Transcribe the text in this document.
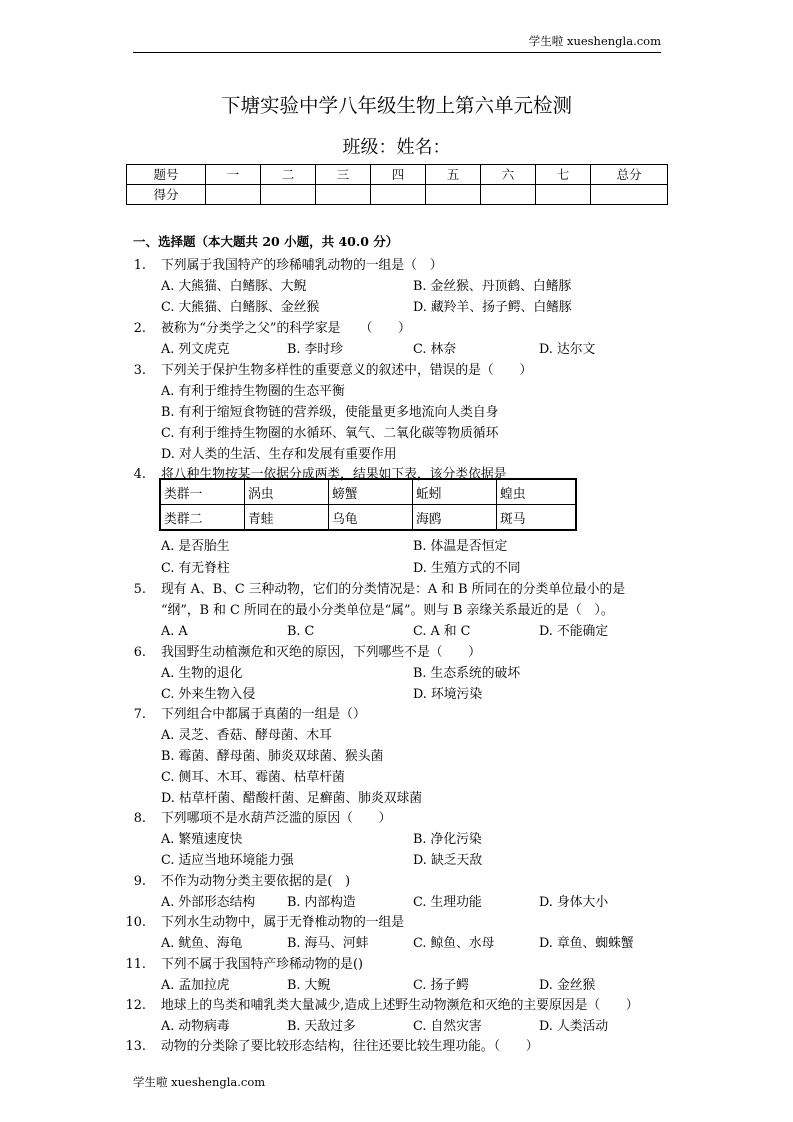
学生啦 xueshengla.com
下塘实验中学八年级生物上第六单元检测
班级：姓名：
题号	一	二	三	四	五	六	七	总分
得分								
一、选择题（本大题共 20 小题，共 40.0 分）
1. 下列属于我国特产的珍稀哺乳动物的一组是（　）
A. 大熊猫、白鳍豚、大鲵	B. 金丝猴、丹顶鹤、白鳍豚
C. 大熊猫、白鳍豚、金丝猴	D. 藏羚羊、扬子鳄、白鳍豚
2. 被称为“分类学之父”的科学家是　　（　　）
A. 列文虎克	B. 李时珍	C. 林奈	D. 达尔文
3. 下列关于保护生物多样性的重要意义的叙述中，错误的是（　　）
A. 有利于维持生物圈的生态平衡
B. 有利于缩短食物链的营养级，使能量更多地流向人类自身
C. 有利于维持生物圈的水循环、氧气、二氧化碳等物质循环
D. 对人类的生活、生存和发展有重要作用
4. 将八种生物按某一依据分成两类，结果如下表，该分类依据是
A. 是否胎生	B. 体温是否恒定
C. 有无脊柱	D. 生殖方式的不同
5. 现有 A、B、C 三种动物，它们的分类情况是：A 和 B 所同在的分类单位最小的是
“纲”，B 和 C 所同在的最小分类单位是“属”。则与 B 亲缘关系最近的是（　）。
A. A	B. C	C. A 和 C	D. 不能确定
6. 我国野生动植濒危和灭绝的原因，下列哪些不是（　　）
A. 生物的退化	B. 生态系统的破坏
C. 外来生物入侵	D. 环境污染
7. 下列组合中都属于真菌的一组是（）
A. 灵芝、香菇、酵母菌、木耳
B. 霉菌、酵母菌、肺炎双球菌、猴头菌
C. 侧耳、木耳、霉菌、枯草杆菌
D. 枯草杆菌、醋酸杆菌、足癣菌、肺炎双球菌
8. 下列哪项不是水葫芦泛滥的原因（　　）
A. 繁殖速度快	B. 净化污染
C. 适应当地环境能力强	D. 缺乏天敌
9. 不作为动物分类主要依据的是(　)
A. 外部形态结构 B. 内部构造	C. 生理功能	D. 身体大小
10. 下列水生动物中，属于无脊椎动物的一组是
A. 鱿鱼、海龟	B. 海马、河蚌	C. 鲸鱼、水母	D. 章鱼、蜘蛛蟹
11. 下列不属于我国特产珍稀动物的是()
A. 孟加拉虎	B. 大鲵	C. 扬子鳄	D. 金丝猴
12. 地球上的鸟类和哺乳类大量减少,造成上述野生动物濒危和灭绝的主要原因是（　　）
A. 动物病毒	B. 天敌过多	C. 自然灾害	D. 人类活动
13. 动物的分类除了要比较形态结构，往往还要比较生理功能。（　　）
类群一	涡虫	螃蟹	蚯蚓	蝗虫
类群二	青蛙	乌龟	海鸥	斑马
学生啦 xueshengla.com
